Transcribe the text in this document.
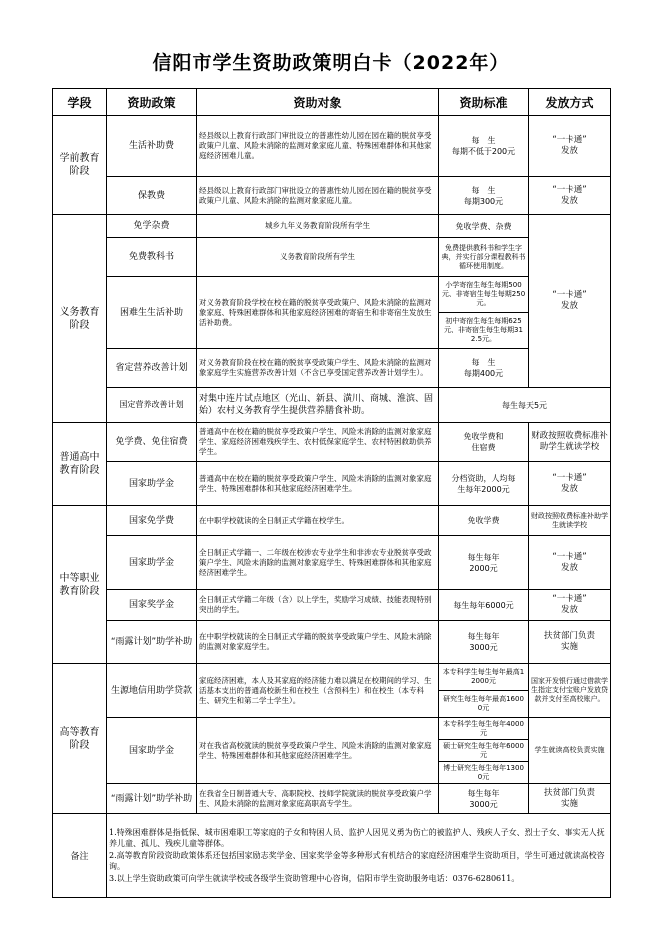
信阳市学生资助政策明白卡（2022年）
学段	资助政策	资助对象	资助标准	发放方式
学前教育阶段	生活补助费	经县级以上教育行政部门审批设立的普惠性幼儿园在园在籍的脱贫享受政策户儿童、风险未消除的监测对象家庭儿童、特殊困难群体和其他家庭经济困难儿童。	每　生
每期不低于200元	“一卡通”
发放

	保教费	经县级以上教育行政部门审批设立的普惠性幼儿园在园在籍的脱贫享受政策户儿童、风险未消除的监测对象家庭儿童。	每　生
每期300元	“一卡通”
发放

义务教育阶段	免学杂费	城乡九年义务教育阶段所有学生	免收学费、杂费	“一卡通”
发放

	免费教科书	义务教育阶段所有学生	免费提供教科书和学生字典，并实行部分课程教科书循环使用制度。	
	困难生生活补助	对义务教育阶段学校在校在籍的脱贫享受政策户、风险未消除的监测对象家庭、特殊困难群体和其他家庭经济困难的寄宿生和非寄宿生发放生活补助费。	小学寄宿生每生每期500元、非寄宿生每生每期250元。	
			初中寄宿生每生每期625元、非寄宿生每生每期312.5元。	
	省定营养改善计划	对义务教育阶段在校在籍的脱贫享受政策户学生、风险未消除的监测对象家庭学生实施营养改善计划（不含已享受国定营养改善计划学生）。	每　生
每期400元	

	国定营养改善计划	对集中连片试点地区（光山、新县、潢川、商城、淮滨、固始）农村义务教育学生提供营养膳食补助。	每生每天5元	
普通高中教育阶段	免学费、免住宿费	普通高中在校在籍的脱贫享受政策户学生、风险未消除的监测对象家庭学生、家庭经济困难残疾学生、农村低保家庭学生、农村特困救助供养学生。	免收学费和
住宿费	财政按照收费标准补助学生就读学校
	国家助学金	普通高中在校在籍的脱贫享受政策户学生、风险未消除的监测对象家庭学生、特殊困难群体和其他家庭经济困难学生。	分档资助，人均每
生每年2000元	“一卡通”
发放

中等职业教育阶段	国家免学费	在中职学校就读的全日制正式学籍在校学生。	免收学费	财政按照收费标准补助学生就读学校
	国家助学金	全日制正式学籍一、二年级在校涉农专业学生和非涉农专业脱贫享受政策户学生、风险未消除的监测对象家庭学生、特殊困难群体和其他家庭经济困难学生。	每生每年
2000元	“一卡通”
发放

	国家奖学金	全日制正式学籍二年级（含）以上学生，奖励学习成绩、技能表现特别突出的学生。	每生每年6000元	“一卡通”
发放

	“雨露计划”助学补助	在中职学校就读的全日制正式学籍的脱贫享受政策户学生、风险未消除的监测对象家庭学生。	每生每年
3000元	扶贫部门负责
实施

高等教育阶段	生源地信用助学贷款	家庭经济困难，本人及其家庭的经济能力难以满足在校期间的学习、生活基本支出的普通高校新生和在校生（含预科生）和在校生（本专科生、研究生和第二学士学生）。	本专科学生每生每年最高12000元	国家开发银行通过借款学生指定支付宝账户发放贷款并支付至高校账户。
			研究生每生每年最高16000元	
	国家助学金	对在我省高校就读的脱贫享受政策户学生、风险未消除的监测对象家庭学生、特殊困难群体和其他家庭经济困难学生。	本专科学生每生每年4000元	学生就读高校负责实施
			硕士研究生每生每年6000元	
			博士研究生每生每年13000元	
	“雨露计划”助学补助	在我省全日制普通大专、高职院校、技师学院就读的脱贫享受政策户学生、风险未消除的监测对象家庭高职高专学生。	每生每年
3000元	扶贫部门负责
实施

备注	1.特殊困难群体是指低保、城市困难职工等家庭的子女和特困人员、监护人因见义勇为伤亡的被监护人、残疾人子女、烈士子女、事实无人抚养儿童、孤儿、残疾儿童等群体。
2.高等教育阶段资助政策体系还包括国家励志奖学金、国家奖学金等多种形式有机结合的家庭经济困难学生资助项目，学生可通过就读高校咨询。
3.以上学生资助政策可向学生就读学校或各级学生资助管理中心咨询，信阳市学生资助服务电话：0376-6280611。			
